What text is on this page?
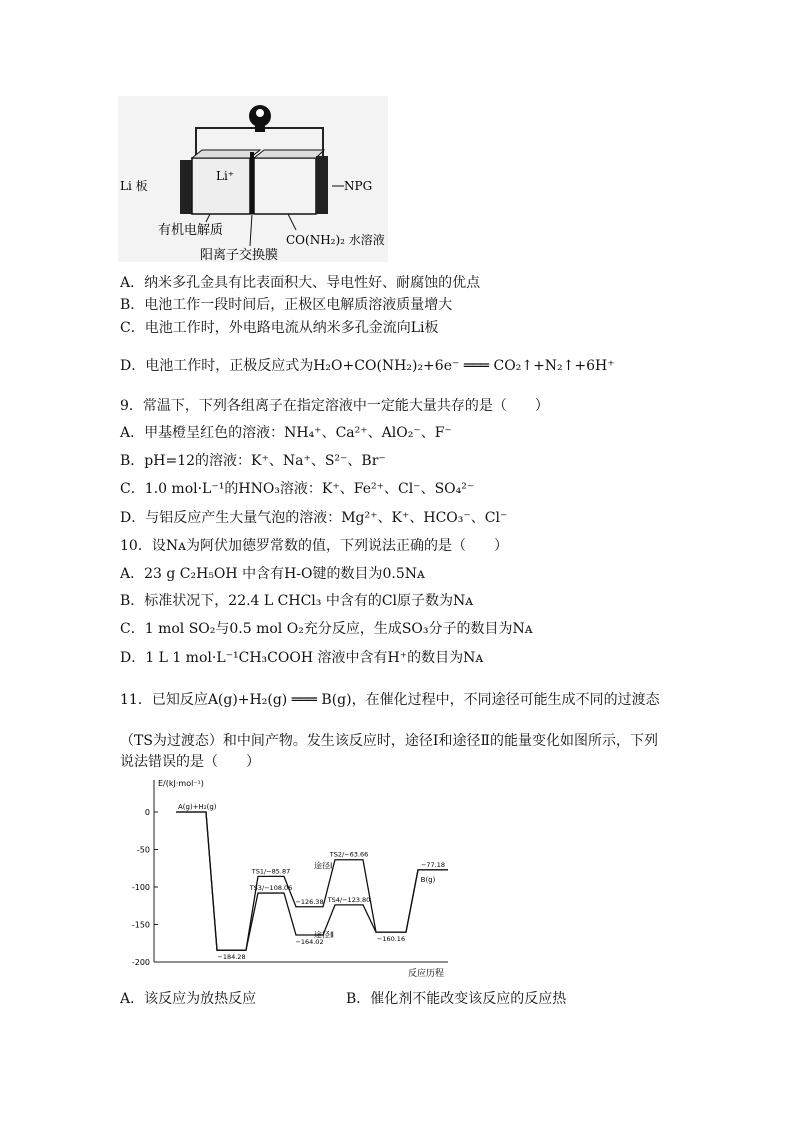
Li⁺
Li 板	NPG
有机电解质
CO(NH₂)₂ 水溶液
阳离子交换膜
A．纳米多孔金具有比表面积大、导电性好、耐腐蚀的优点
B．电池工作一段时间后，正极区电解质溶液质量增大
C．电池工作时，外电路电流从纳米多孔金流向Li板
D．电池工作时，正极反应式为H₂O+CO(NH₂)₂+6e⁻ ═══ CO₂↑+N₂↑+6H⁺
9．常温下，下列各组离子在指定溶液中一定能大量共存的是（　　）
A．甲基橙呈红色的溶液：NH₄⁺、Ca²⁺、AlO₂⁻、F⁻
B．pH=12的溶液：K⁺、Na⁺、S²⁻、Br⁻
C．1.0 mol·L⁻¹的HNO₃溶液：K⁺、Fe²⁺、Cl⁻、SO₄²⁻
D．与铝反应产生大量气泡的溶液：Mg²⁺、K⁺、HCO₃⁻、Cl⁻
10．设Nᴀ为阿伏加德罗常数的值，下列说法正确的是（　　）
A．23 g C₂H₅OH 中含有H-O键的数目为0.5Nᴀ
B．标准状况下，22.4 L CHCl₃ 中含有的Cl原子数为Nᴀ
C．1 mol SO₂与0.5 mol O₂充分反应，生成SO₃分子的数目为Nᴀ
D．1 L 1 mol·L⁻¹CH₃COOH 溶液中含有H⁺的数目为Nᴀ
11．已知反应A(g)+H₂(g) ═══ B(g)，在催化过程中，不同途径可能生成不同的过渡态
（TS为过渡态）和中间产物。发生该反应时，途径Ⅰ和途径Ⅱ的能量变化如图所示，下列
说法错误的是（　　）
E/(kJ·mol⁻¹)
反应历程
0
-50
-100
-150
-200
−184.28
TS1/−85.87
−126.38
TS2/−63.66
−160.16
−77.18
途径Ⅰ
TS3/−108.06
−164.02
TS4/−123.80
途径Ⅱ
A(g)+H₂(g)
B(g)
A．该反应为放热反应	B．催化剂不能改变该反应的反应热
